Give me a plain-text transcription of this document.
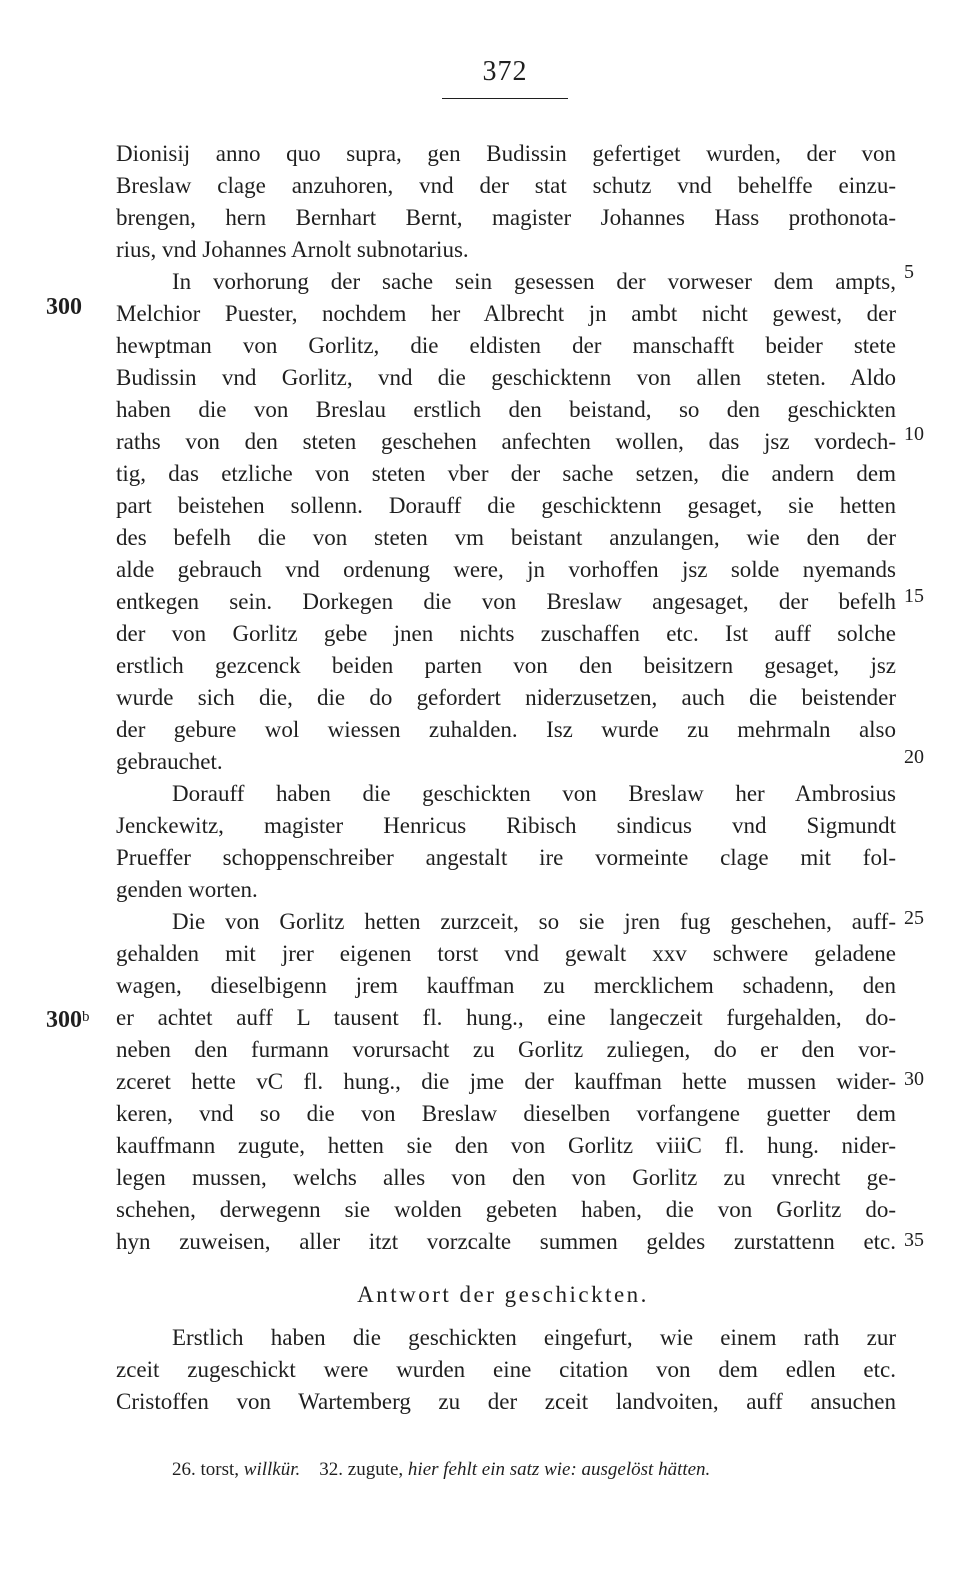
372
300
300$^b$
5
10
15
20
25
30
35
Dionisij anno quo supra, gen Budissin gefertiget wurden, der von
Breslaw clage anzuhoren, vnd der stat schutz vnd behelffe einzu-
brengen, hern Bernhart Bernt, magister Johannes Hass prothonota-
rius, vnd Johannes Arnolt subnotarius.
In vorhorung der sache sein gesessen der vorweser dem ampts,
Melchior Puester, nochdem her Albrecht jn ambt nicht gewest, der
hewptman von Gorlitz, die eldisten der manschafft beider stete
Budissin vnd Gorlitz, vnd die geschicktenn von allen steten. Aldo
haben die von Breslau erstlich den beistand, so den geschickten
raths von den steten geschehen anfechten wollen, das jsz vordech-
tig, das etzliche von steten vber der sache setzen, die andern dem
part beistehen sollenn. Dorauff die geschicktenn gesaget, sie hetten
des befelh die von steten vm beistant anzulangen, wie den der
alde gebrauch vnd ordenung were, jn vorhoffen jsz solde nyemands
entkegen sein. Dorkegen die von Breslaw angesaget, der befelh
der von Gorlitz gebe jnen nichts zuschaffen etc. Ist auff solche
erstlich gezcenck beiden parten von den beisitzern gesaget, jsz
wurde sich die, die do gefordert niderzusetzen, auch die beistender
der gebure wol wiessen zuhalden. Isz wurde zu mehrmaln also
gebrauchet.
Dorauff haben die geschickten von Breslaw her Ambrosius
Jenckewitz, magister Henricus Ribisch sindicus vnd Sigmundt
Prueffer schoppenschreiber angestalt ire vormeinte clage mit fol-
genden worten.
Die von Gorlitz hetten zurzceit, so sie jren fug geschehen, auff-
gehalden mit jrer eigenen torst vnd gewalt xxv schwere geladene
wagen, dieselbigenn jrem kauffman zu mercklichem schadenn, den
er achtet auff L tausent fl. hung., eine langeczeit furgehalden, do-
neben den furmann vorursacht zu Gorlitz zuliegen, do er den vor-
zceret hette vC fl. hung., die jme der kauffman hette mussen wider-
keren, vnd so die von Breslaw dieselben vorfangene guetter dem
kauffmann zugute, hetten sie den von Gorlitz viiiC fl. hung. nider-
legen mussen, welchs alles von den von Gorlitz zu vnrecht ge-
schehen, derwegenn sie wolden gebeten haben, die von Gorlitz do-
hyn zuweisen, aller itzt vorzcalte summen geldes zurstattenn etc.
Antwort der geschickten.
Erstlich haben die geschickten eingefurt, wie einem rath zur
zceit zugeschickt were wurden eine citation von dem edlen etc.
Cristoffen von Wartemberg zu der zceit landvoiten, auff ansuchen
26. torst, willkür. 32. zugute, hier fehlt ein satz wie: ausgelöst hätten.
